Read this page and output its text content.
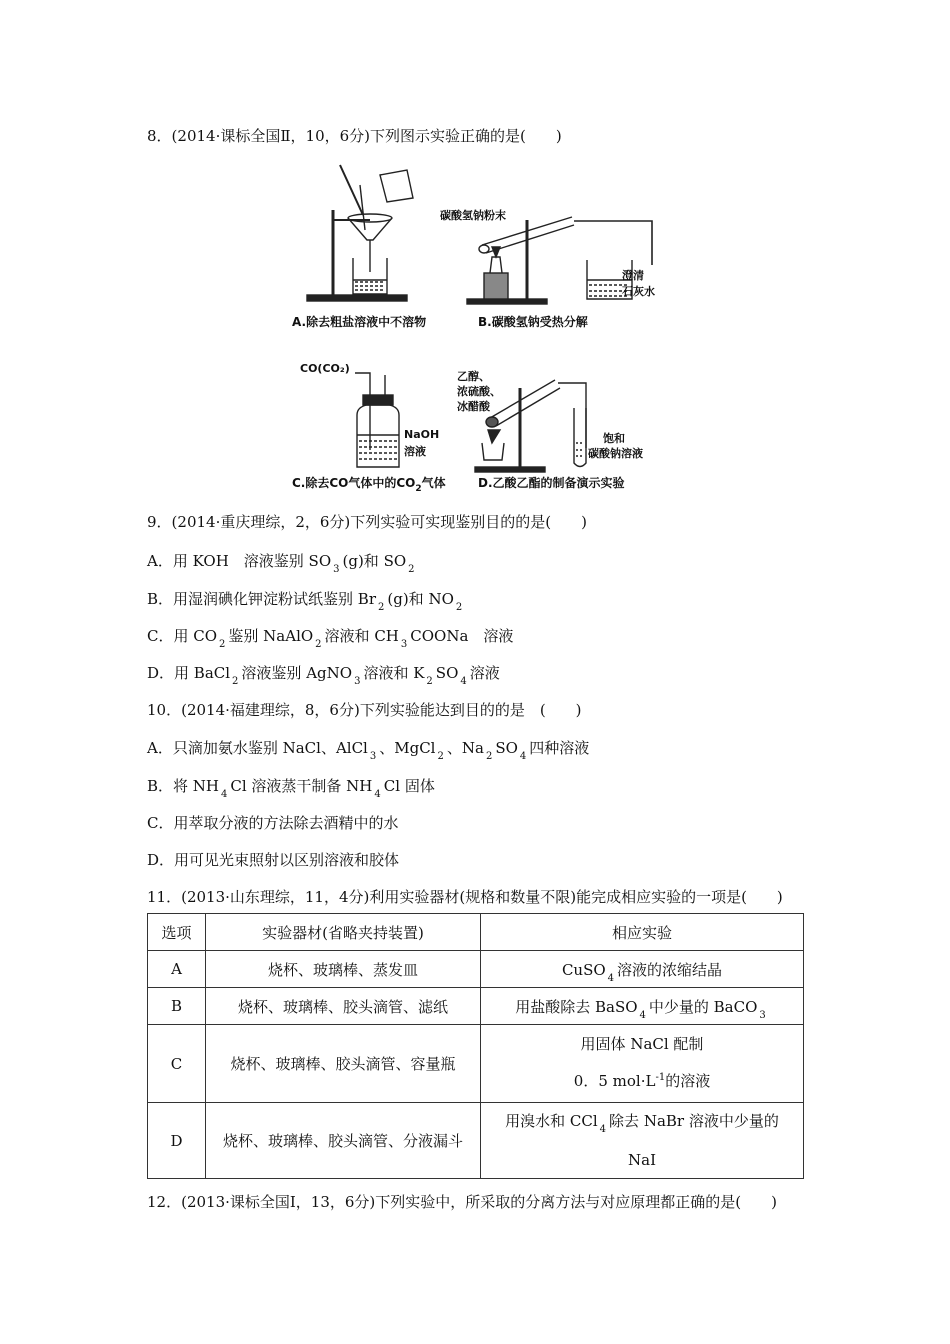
8．(2014·课标全国Ⅱ，10，6分)下列图示实验正确的是(　　)
A.除去粗盐溶液中不溶物
碳酸氢钠粉末
澄清
石灰水
B.碳酸氢钠受热分解
CO(CO₂)
NaOH
溶液
C.除去CO气体中的$CO_2$气体
乙醇、
浓硫酸、
冰醋酸
饱和
碳酸钠溶液
D.乙酸乙酯的制备演示实验
9．(2014·重庆理综，2，6分)下列实验可实现鉴别目的的是(　　)
A．用 KOH　溶液鉴别 SO $_3$ (g)和 SO $_2$
B．用湿润碘化钾淀粉试纸鉴别 Br $_2$ (g)和 NO $_2$
C．用 CO $_2$ 鉴别 NaAlO $_2$ 溶液和 CH $_3$ COONa　溶液
D．用 BaCl $_2$ 溶液鉴别 AgNO $_3$ 溶液和 K $_2$ SO $_4$ 溶液
10．(2014·福建理综，8，6分)下列实验能达到目的的是　(　　)
A．只滴加氨水鉴别 NaCl、AlCl $_3$ 、MgCl $_2$ 、Na $_2$ SO $_4$ 四种溶液
B．将 NH $_4$ Cl 溶液蒸干制备 NH $_4$ Cl 固体
C．用萃取分液的方法除去酒精中的水
D．用可见光束照射以区别溶液和胶体
11．(2013·山东理综，11，4分)利用实验器材(规格和数量不限)能完成相应实验的一项是(　　)
选项	实验器材(省略夹持装置)	相应实验
A	烧杯、玻璃棒、蒸发皿	CuSO $_4$ 溶液的浓缩结晶
B	烧杯、玻璃棒、胶头滴管、滤纸	用盐酸除去 BaSO $_4$ 中少量的 BaCO $_3$
C	烧杯、玻璃棒、胶头滴管、容量瓶	用固体 NaCl 配制
0．5 $mol\cdot L^{-1}$的溶液

D	烧杯、玻璃棒、胶头滴管、分液漏斗	用溴水和 CCl $_4$ 除去 NaBr 溶液中少量的
NaI
12．(2013·课标全国Ⅰ，13，6分)下列实验中，所采取的分离方法与对应原理都正确的是(　　)
